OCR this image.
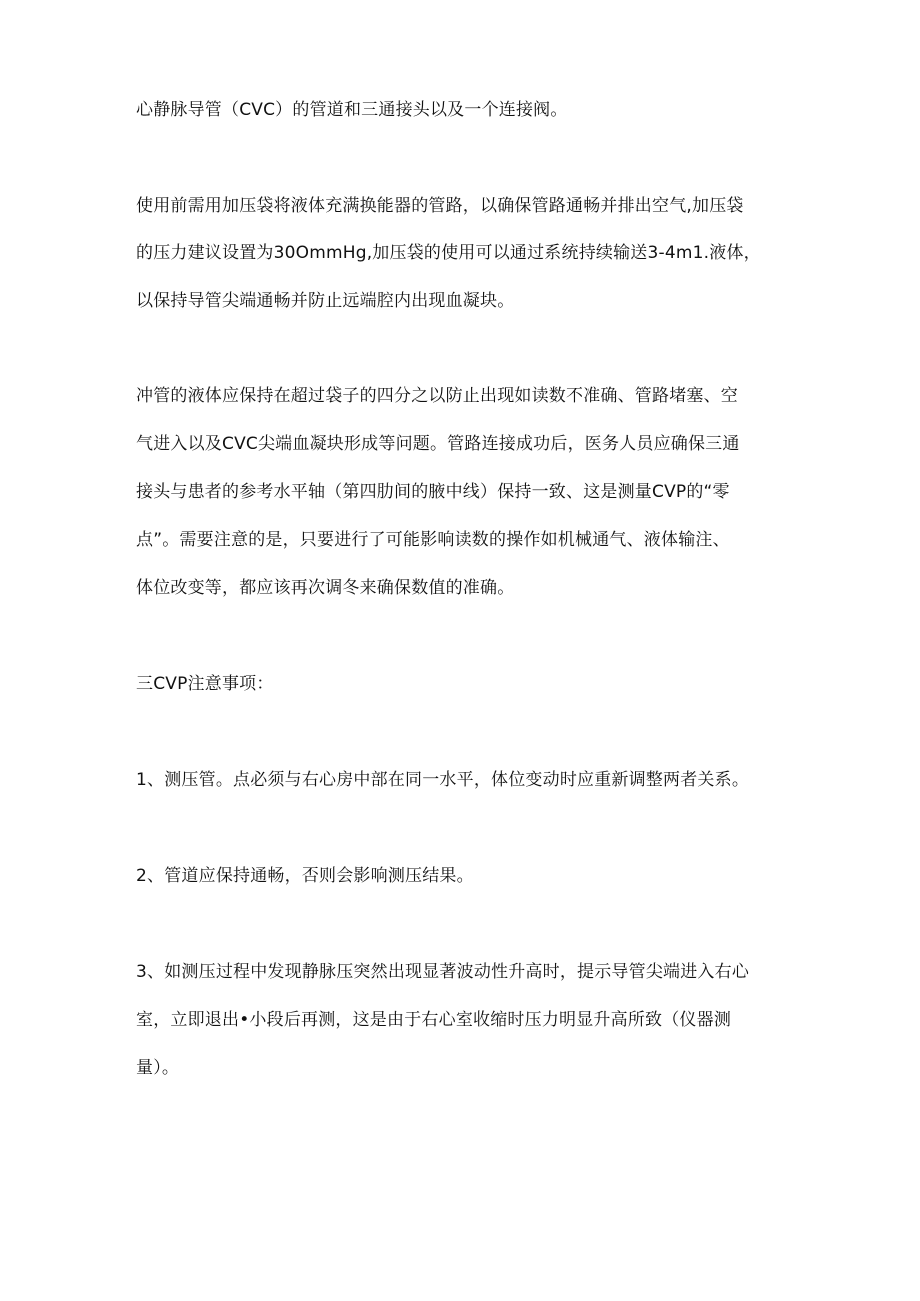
心静脉导管（CVC）的管道和三通接头以及一个连接阀。
使用前需用加压袋将液体充满换能器的管路，以确保管路通畅并排出空气,加压袋
的压力建议设置为30OmmHg,加压袋的使用可以通过系统持续输送3-4m1.液体，
以保持导管尖端通畅并防止远端腔内出现血凝块。
冲管的液体应保持在超过袋子的四分之以防止出现如读数不准确、管路堵塞、空
气进入以及CVC尖端血凝块形成等问题。管路连接成功后，医务人员应确保三通
接头与患者的参考水平轴（第四肋间的腋中线）保持一致、这是测量CVP的“零
点”。需要注意的是，只要进行了可能影响读数的操作如机械通气、液体输注、
体位改变等，都应该再次调冬来确保数值的准确。
三CVP注意事项：
1、测压管。点必须与右心房中部在同一水平，体位变动时应重新调整两者关系。
2、管道应保持通畅，否则会影响测压结果。
3、如测压过程中发现静脉压突然出现显著波动性升高时，提示导管尖端进入右心
室，立即退出•小段后再测，这是由于右心室收缩时压力明显升高所致（仪器测
量）。
